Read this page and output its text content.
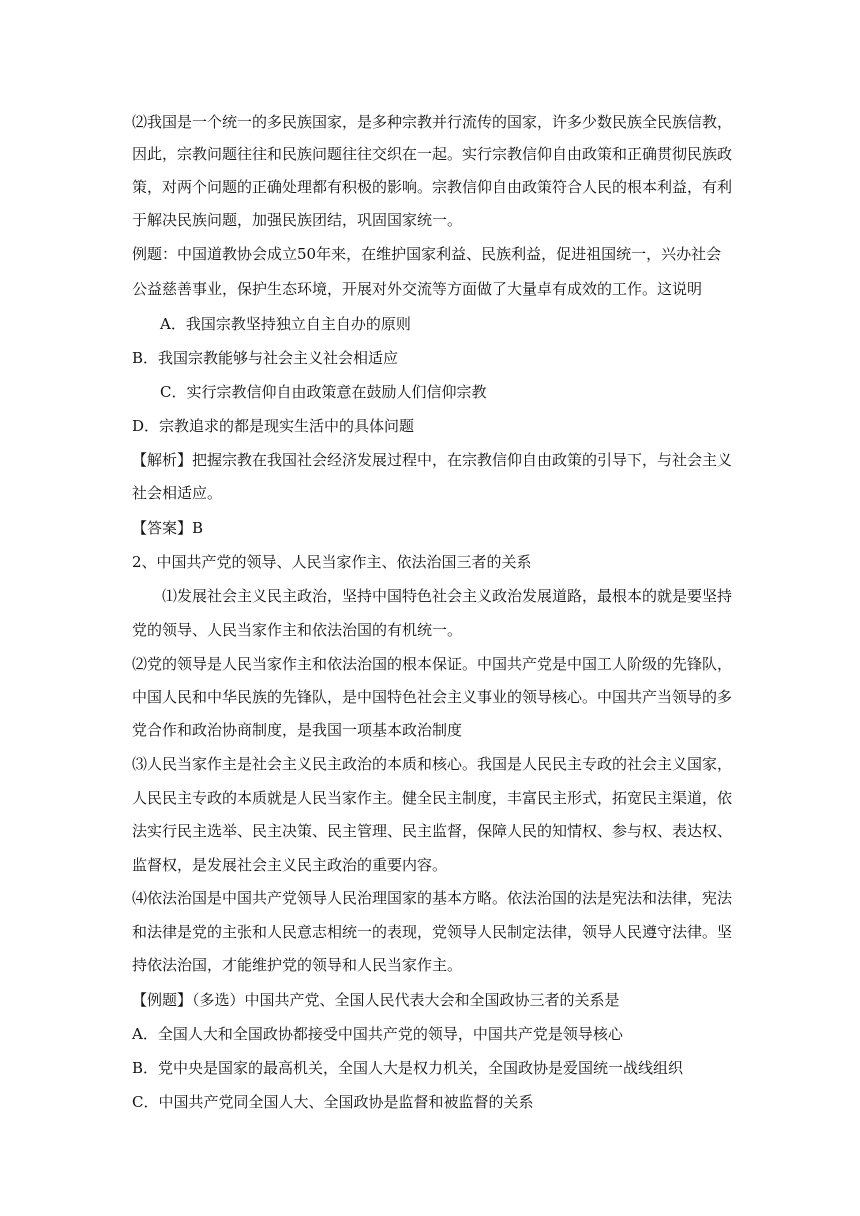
⑵我国是一个统一的多民族国家，是多种宗教并行流传的国家，许多少数民族全民族信教，
因此，宗教问题往往和民族问题往往交织在一起。实行宗教信仰自由政策和正确贯彻民族政
策，对两个问题的正确处理都有积极的影响。宗教信仰自由政策符合人民的根本利益，有利
于解决民族问题，加强民族团结，巩固国家统一。
例题：中国道教协会成立50年来，在维护国家利益、民族利益，促进祖国统一，兴办社会
公益慈善事业，保护生态环境，开展对外交流等方面做了大量卓有成效的工作。这说明
A．我国宗教坚持独立自主自办的原则
B．我国宗教能够与社会主义社会相适应
C．实行宗教信仰自由政策意在鼓励人们信仰宗教
D．宗教追求的都是现实生活中的具体问题
【解析】把握宗教在我国社会经济发展过程中，在宗教信仰自由政策的引导下，与社会主义
社会相适应。
【答案】B
2、中国共产党的领导、人民当家作主、依法治国三者的关系
⑴发展社会主义民主政治，坚持中国特色社会主义政治发展道路，最根本的就是要坚持
党的领导、人民当家作主和依法治国的有机统一。
⑵党的领导是人民当家作主和依法治国的根本保证。中国共产党是中国工人阶级的先锋队，
中国人民和中华民族的先锋队，是中国特色社会主义事业的领导核心。中国共产当领导的多
党合作和政治协商制度，是我国一项基本政治制度
⑶人民当家作主是社会主义民主政治的本质和核心。我国是人民民主专政的社会主义国家，
人民民主专政的本质就是人民当家作主。健全民主制度，丰富民主形式，拓宽民主渠道，依
法实行民主选举、民主决策、民主管理、民主监督，保障人民的知情权、参与权、表达权、
监督权，是发展社会主义民主政治的重要内容。
⑷依法治国是中国共产党领导人民治理国家的基本方略。依法治国的法是宪法和法律，宪法
和法律是党的主张和人民意志相统一的表现，党领导人民制定法律，领导人民遵守法律。坚
持依法治国，才能维护党的领导和人民当家作主。
【例题】（多选）中国共产党、全国人民代表大会和全国政协三者的关系是
A．全国人大和全国政协都接受中国共产党的领导，中国共产党是领导核心
B．党中央是国家的最高机关，全国人大是权力机关，全国政协是爱国统一战线组织
C．中国共产党同全国人大、全国政协是监督和被监督的关系
